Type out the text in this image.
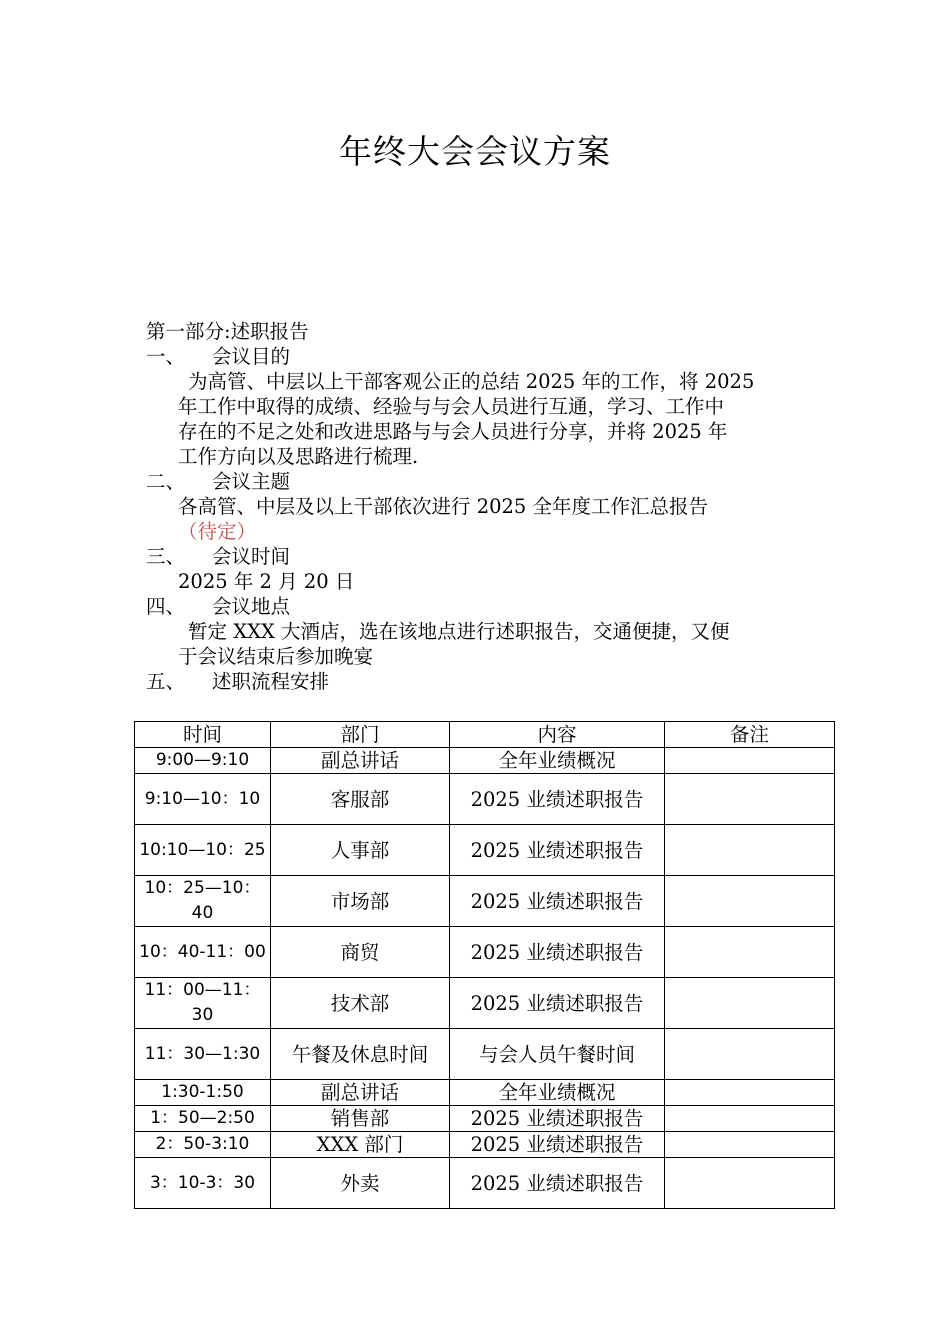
年终大会会议方案
第一部分:述职报告
一、 会议目的
为高管、中层以上干部客观公正的总结 2025 年的工作，将 2025
年工作中取得的成绩、经验与与会人员进行互通，学习、工作中
存在的不足之处和改进思路与与会人员进行分享，并将 2025 年
工作方向以及思路进行梳理.
二、 会议主题
各高管、中层及以上干部依次进行 2025 全年度工作汇总报告
（待定）
三、 会议时间
2025 年 2 月 20 日
四、 会议地点
暂定 XXX 大酒店，选在该地点进行述职报告，交通便捷，又便
于会议结束后参加晚宴
五、 述职流程安排
时间	部门	内容	备注
9:00—9:10	副总讲话	全年业绩概况	
9:10—10：10	客服部	2025 业绩述职报告	
10:10—10：25	人事部	2025 业绩述职报告	
10：25—10：40	市场部	2025 业绩述职报告	
10：40-11：00	商贸	2025 业绩述职报告	
11：00—11：30	技术部	2025 业绩述职报告	
11：30—1:30	午餐及休息时间	与会人员午餐时间	
1:30-1:50	副总讲话	全年业绩概况	
1：50—2:50	销售部	2025 业绩述职报告	
2：50-3:10	XXX 部门	2025 业绩述职报告	
3：10-3：30	外卖	2025 业绩述职报告	
